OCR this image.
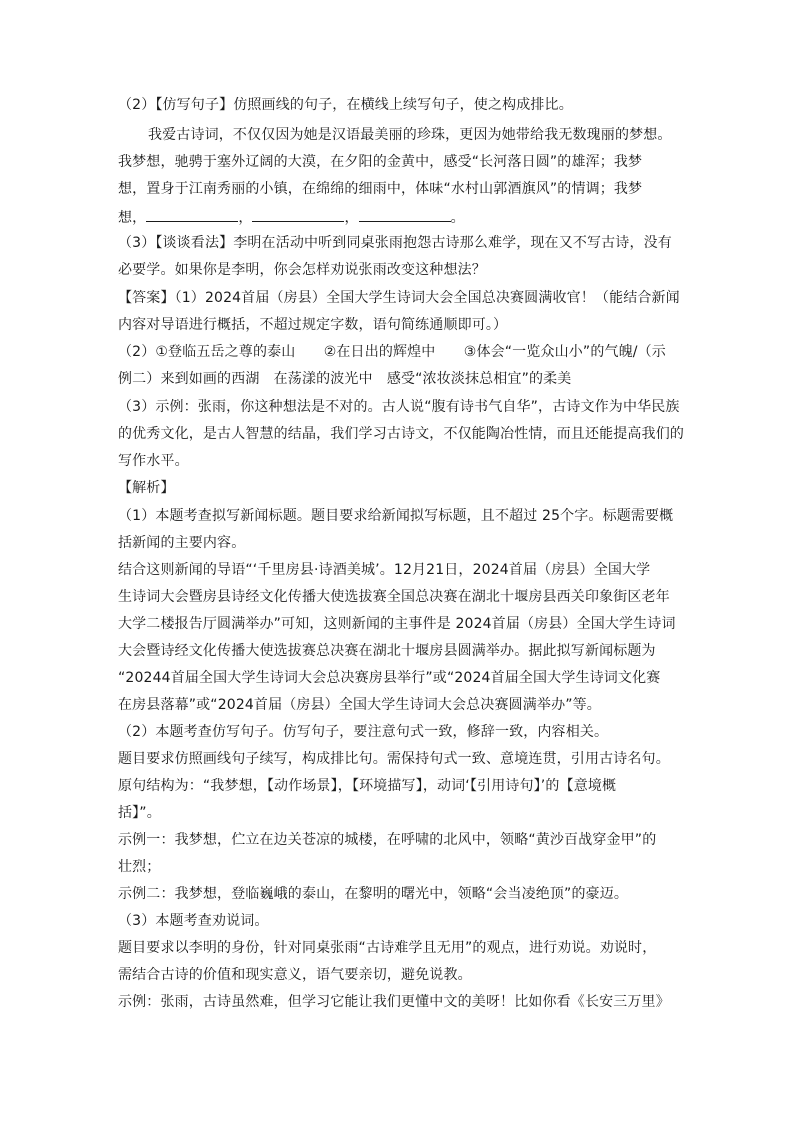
（2）【仿写句子】仿照画线的句子，在横线上续写句子，使之构成排比。
我爱古诗词，不仅仅因为她是汉语最美丽的珍珠，更因为她带给我无数瑰丽的梦想。
我梦想，驰骋于塞外辽阔的大漠，在夕阳的金黄中，感受“长河落日圆”的雄浑；我梦
想，置身于江南秀丽的小镇，在绵绵的细雨中，体味“水村山郭酒旗风”的情调；我梦
想，	，	，	。
（3）【谈谈看法】李明在活动中听到同桌张雨抱怨古诗那么难学，现在又不写古诗，没有
必要学。如果你是李明，你会怎样劝说张雨改变这种想法？
【答案】（1）2024首届（房县）全国大学生诗词大会全国总决赛圆满收官！（能结合新闻
内容对导语进行概括，不超过规定字数，语句简练通顺即可。）
（2）①登临五岳之尊的泰山　　②在日出的辉煌中　　③体会“一览众山小”的气魄/（示
例二）来到如画的西湖　在荡漾的波光中　感受“浓妆淡抹总相宜”的柔美
（3）示例：张雨，你这种想法是不对的。古人说“腹有诗书气自华”，古诗文作为中华民族
的优秀文化，是古人智慧的结晶，我们学习古诗文，不仅能陶冶性情，而且还能提高我们的
写作水平。
【解析】
（1）本题考查拟写新闻标题。题目要求给新闻拟写标题，且不超过 25个字。标题需要概
括新闻的主要内容。
结合这则新闻的导语“‘千里房县·诗酒美城’。12月21日，2024首届（房县）全国大学
生诗词大会暨房县诗经文化传播大使选拔赛全国总决赛在湖北十堰房县西关印象街区老年
大学二楼报告厅圆满举办”可知，这则新闻的主事件是 2024首届（房县）全国大学生诗词
大会暨诗经文化传播大使选拔赛总决赛在湖北十堰房县圆满举办。据此拟写新闻标题为
“20244首届全国大学生诗词大会总决赛房县举行”或“2024首届全国大学生诗词文化赛
在房县落幕”或“2024首届（房县）全国大学生诗词大会总决赛圆满举办”等。
（2）本题考查仿写句子。仿写句子，要注意句式一致，修辞一致，内容相关。
题目要求仿照画线句子续写，构成排比句。需保持句式一致、意境连贯，引用古诗名句。
原句结构为：“我梦想，【动作场景】，【环境描写】，动词‘【引用诗句】’的【意境概
括】”。
示例一：我梦想，伫立在边关苍凉的城楼，在呼啸的北风中，领略“黄沙百战穿金甲”的
壮烈；
示例二：我梦想，登临巍峨的泰山，在黎明的曙光中，领略“会当凌绝顶”的豪迈。
（3）本题考查劝说词。
题目要求以李明的身份，针对同桌张雨“古诗难学且无用”的观点，进行劝说。劝说时，
需结合古诗的价值和现实意义，语气要亲切，避免说教。
示例：张雨，古诗虽然难，但学习它能让我们更懂中文的美呀！比如你看《长安三万里》
